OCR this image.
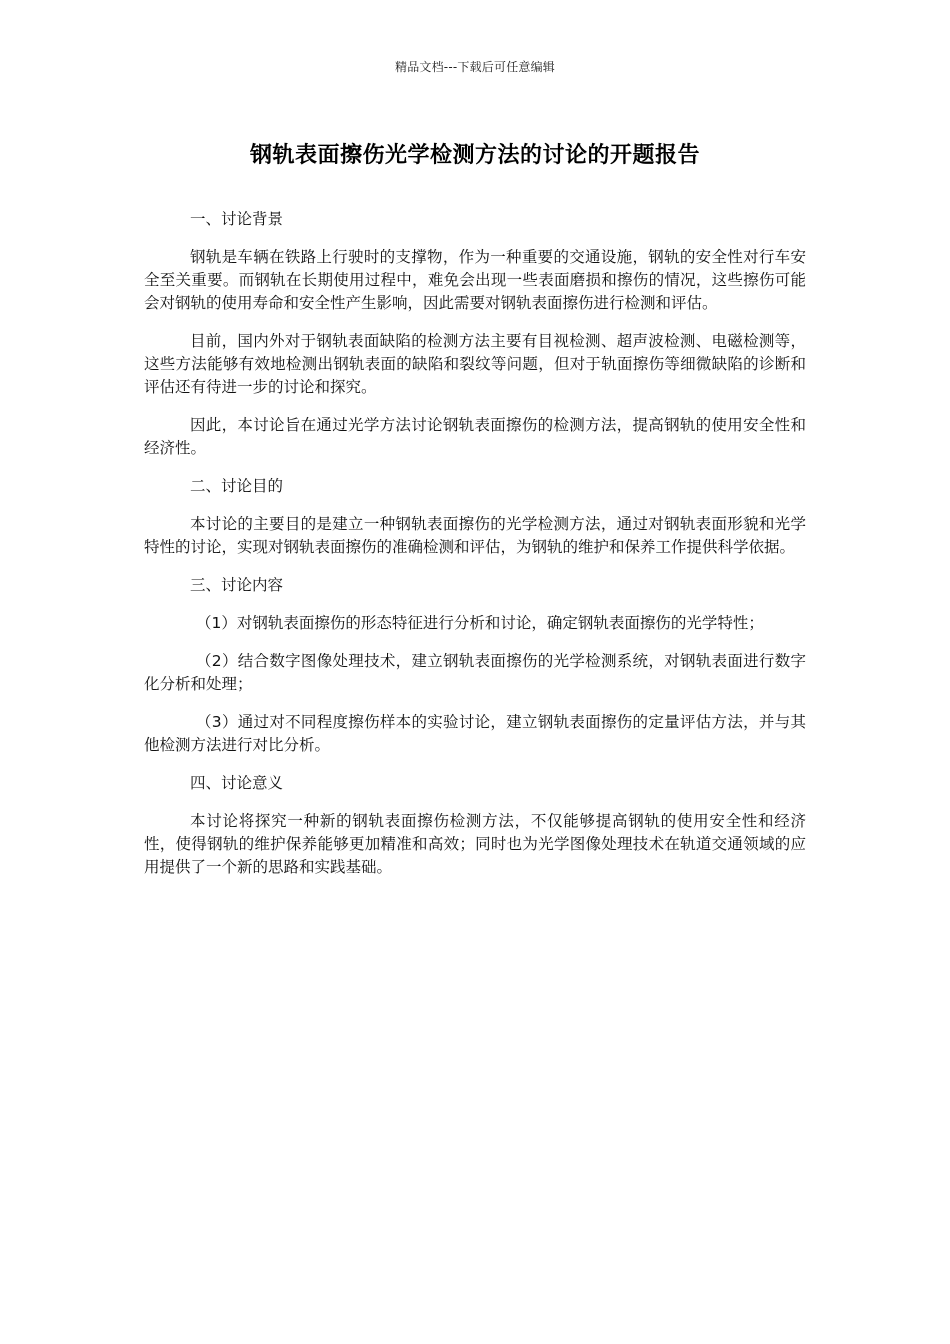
精品文档---下载后可任意编辑
钢轨表面擦伤光学检测方法的讨论的开题报告

一、讨论背景

钢轨是车辆在铁路上行驶时的支撑物，作为一种重要的交通设施，钢轨的安全性对行车安全至关重要。而钢轨在长期使用过程中，难免会出现一些表面磨损和擦伤的情况，这些擦伤可能会对钢轨的使用寿命和安全性产生影响，因此需要对钢轨表面擦伤进行检测和评估。

目前，国内外对于钢轨表面缺陷的检测方法主要有目视检测、超声波检测、电磁检测等，这些方法能够有效地检测出钢轨表面的缺陷和裂纹等问题，但对于轨面擦伤等细微缺陷的诊断和评估还有待进一步的讨论和探究。

因此，本讨论旨在通过光学方法讨论钢轨表面擦伤的检测方法，提高钢轨的使用安全性和经济性。

二、讨论目的

本讨论的主要目的是建立一种钢轨表面擦伤的光学检测方法，通过对钢轨表面形貌和光学特性的讨论，实现对钢轨表面擦伤的准确检测和评估，为钢轨的维护和保养工作提供科学依据。

三、讨论内容

（1）对钢轨表面擦伤的形态特征进行分析和讨论，确定钢轨表面擦伤的光学特性；

（2）结合数字图像处理技术，建立钢轨表面擦伤的光学检测系统，对钢轨表面进行数字化分析和处理；

（3）通过对不同程度擦伤样本的实验讨论，建立钢轨表面擦伤的定量评估方法，并与其他检测方法进行对比分析。

四、讨论意义

本讨论将探究一种新的钢轨表面擦伤检测方法，不仅能够提高钢轨的使用安全性和经济性，使得钢轨的维护保养能够更加精准和高效；同时也为光学图像处理技术在轨道交通领域的应用提供了一个新的思路和实践基础。
